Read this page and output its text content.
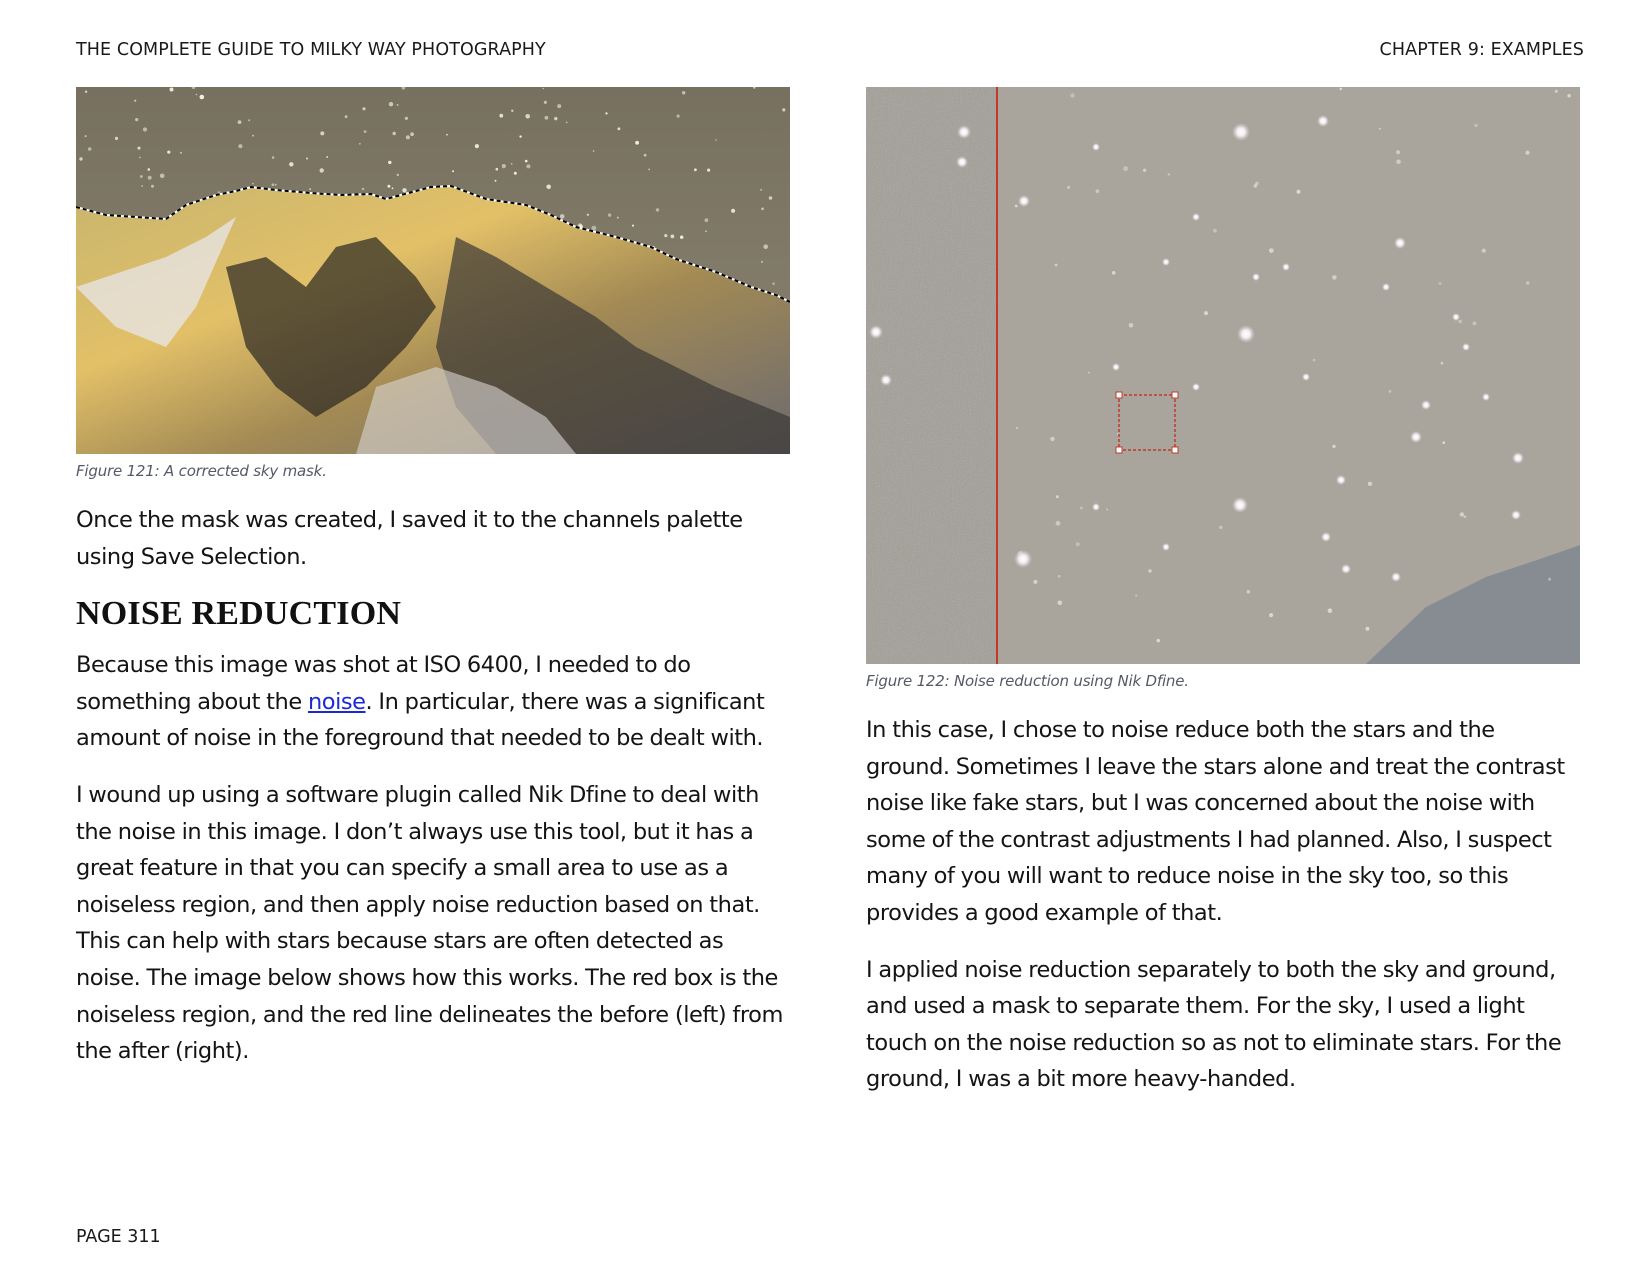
THE COMPLETE GUIDE TO MILKY WAY PHOTOGRAPHY	CHAPTER 9: EXAMPLES
Figure 121: A corrected sky mask.

Once the mask was created, I saved it to the channels palette using Save Selection.

NOISE REDUCTION

Because this image was shot at ISO 6400, I needed to do something about the noise. In particular, there was a significant amount of noise in the foreground that needed to be dealt with.

I wound up using a software plugin called Nik Dfine to deal with the noise in this image. I don’t always use this tool, but it has a great feature in that you can specify a small area to use as a noiseless region, and then apply noise reduction based on that. This can help with stars because stars are often detected as noise. The image below shows how this works. The red box is the noiseless region, and the red line delineates the before (left) from the after (right).

Figure 122: Noise reduction using Nik Dfine.

In this case, I chose to noise reduce both the stars and the ground. Sometimes I leave the stars alone and treat the contrast noise like fake stars, but I was concerned about the noise with some of the contrast adjustments I had planned. Also, I suspect many of you will want to reduce noise in the sky too, so this provides a good example of that.

I applied noise reduction separately to both the sky and ground, and used a mask to separate them. For the sky, I used a light touch on the noise reduction so as not to eliminate stars. For the ground, I was a bit more heavy-handed.

PAGE 311
